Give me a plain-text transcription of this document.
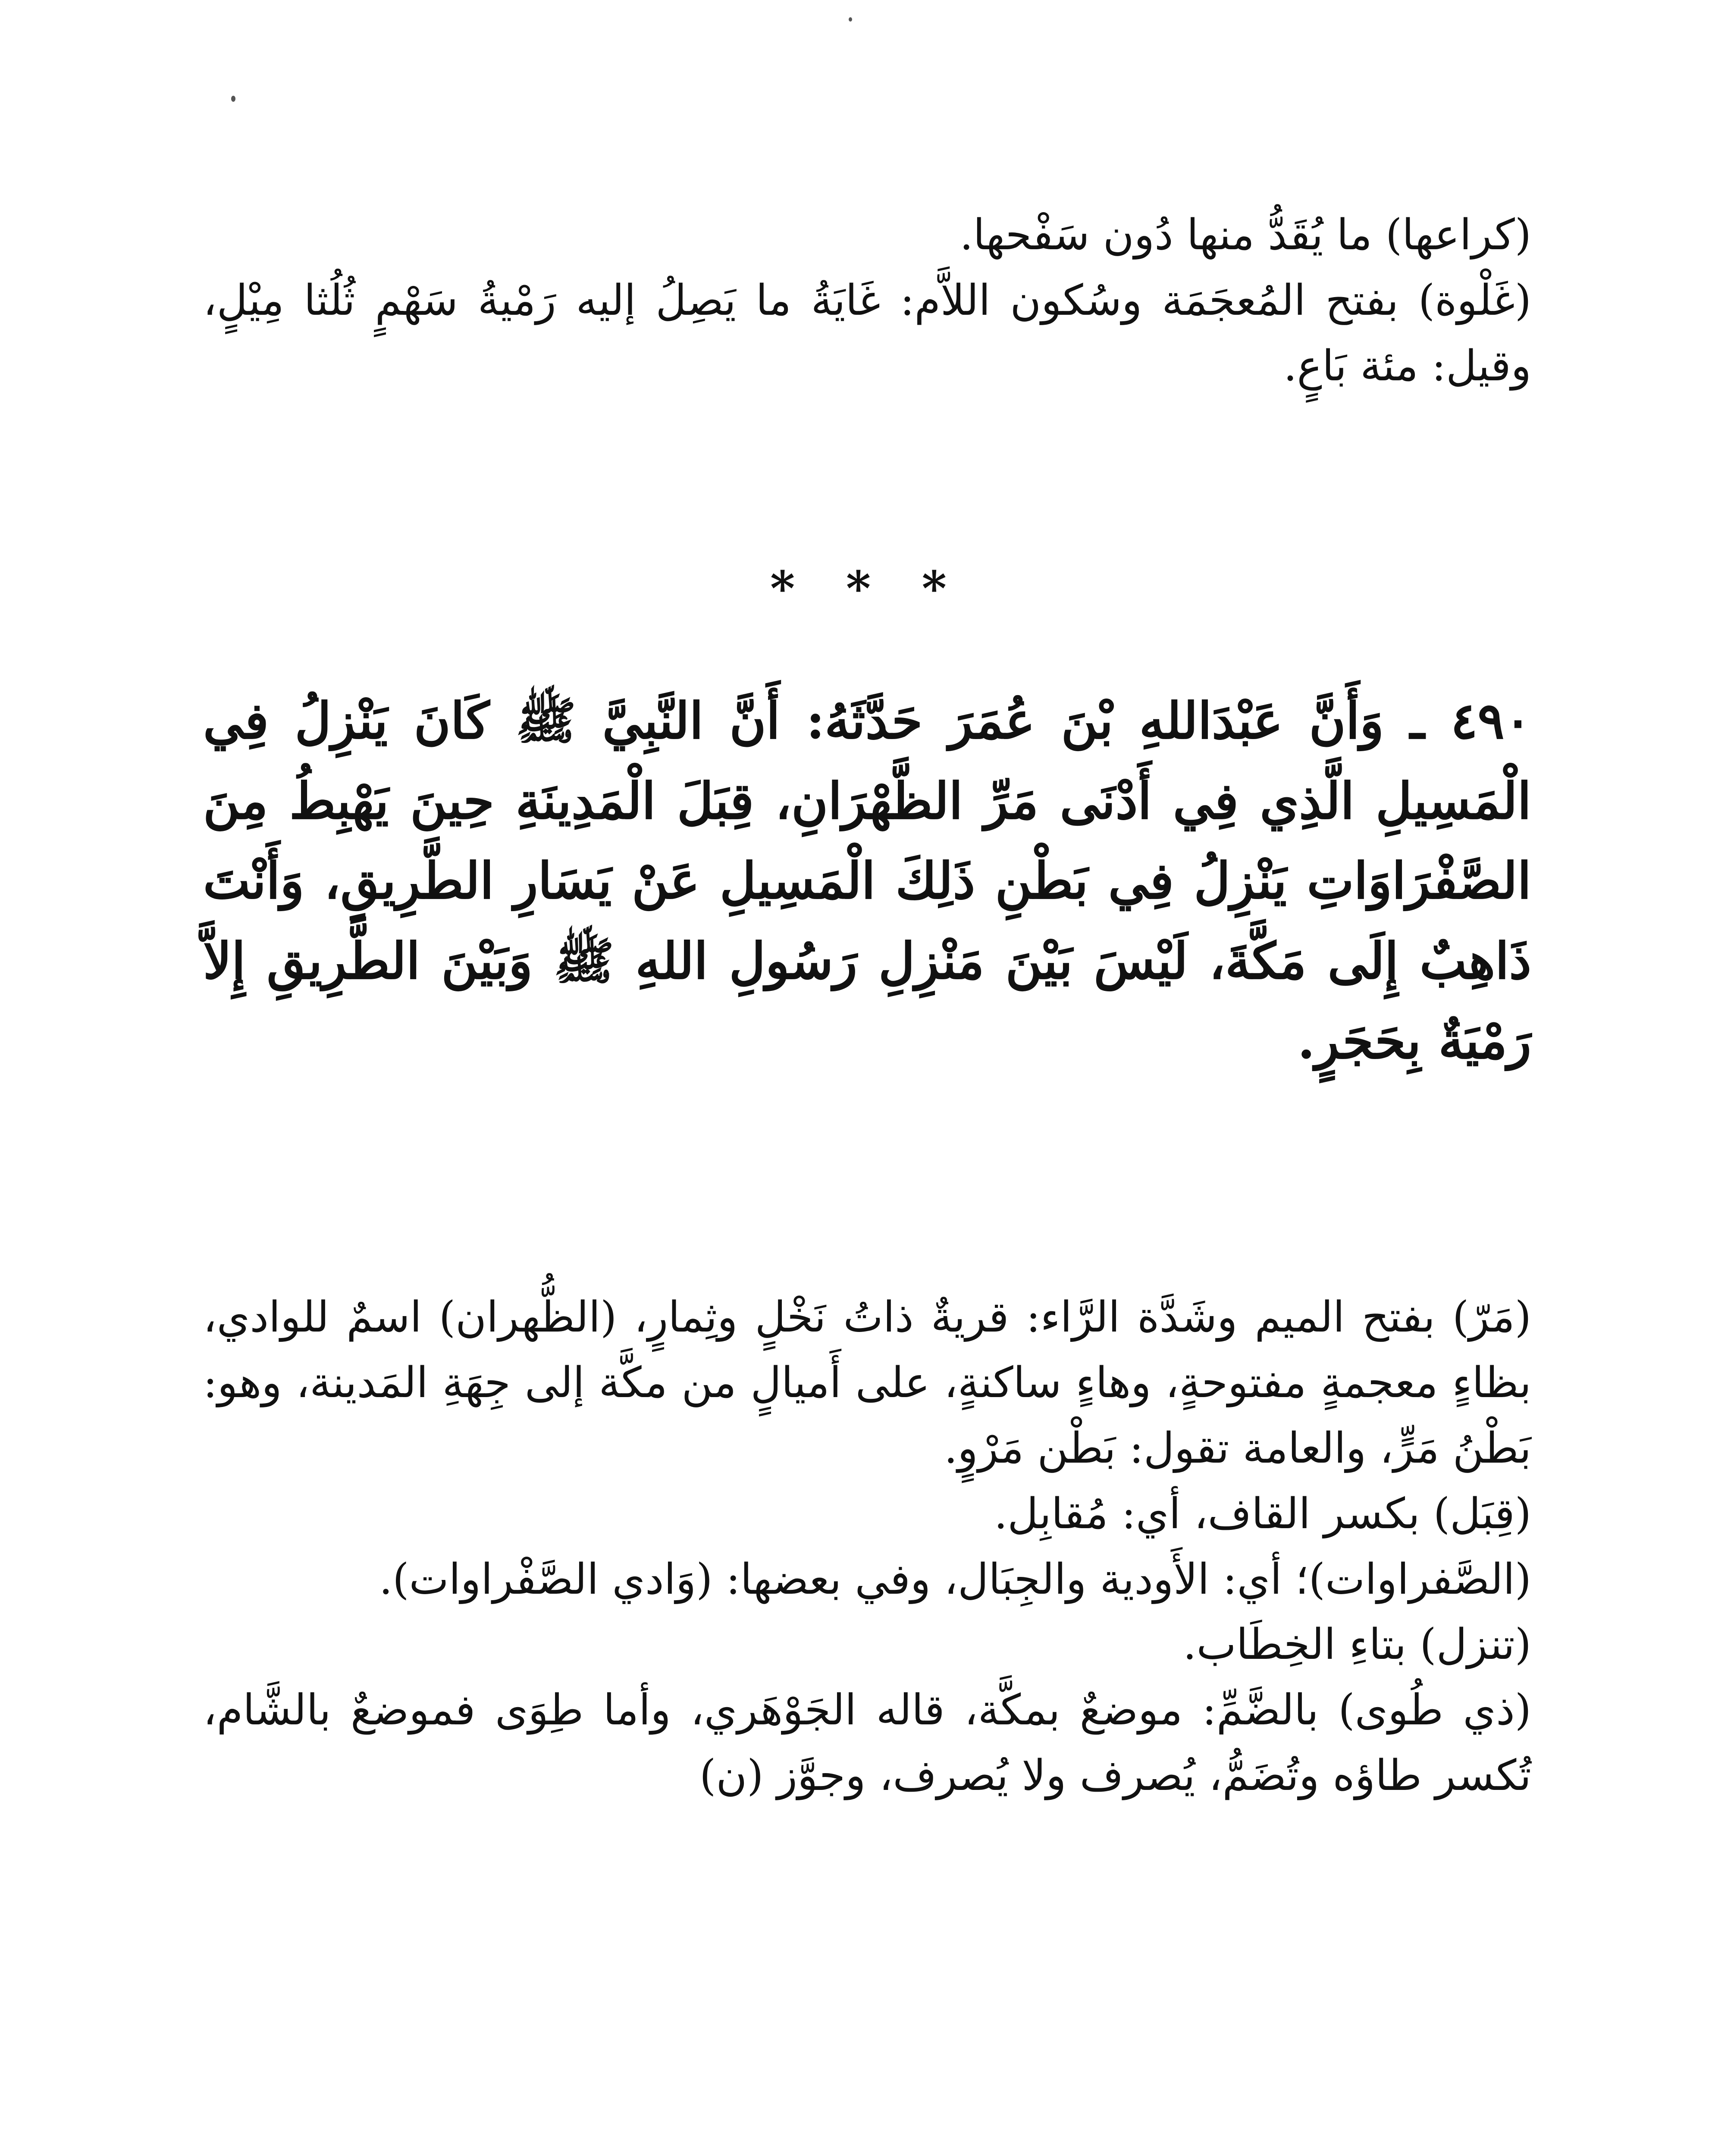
(كراعها) ما يُقَدُّ منها دُون سَفْحها.

(غَلْوة) بفتح المُعجَمَة وسُكون اللاَّم: غَايَةُ ما يَصِلُ إليه رَمْيةُ سَهْمٍ ثُلُثا مِيْلٍ، وقيل: مئة بَاعٍ.

* * *

٤٩٠ ـ وَأَنَّ عَبْدَاللهِ بْنَ عُمَرَ حَدَّثَهُ: أَنَّ النَّبِيَّ ﷺ كَانَ يَنْزِلُ فِي الْمَسِيلِ الَّذِي فِي أَدْنَى مَرِّ الظَّهْرَانِ، قِبَلَ الْمَدِينَةِ حِينَ يَهْبِطُ مِنَ الصَّفْرَاوَاتِ يَنْزِلُ فِي بَطْنِ ذَلِكَ الْمَسِيلِ عَنْ يَسَارِ الطَّرِيقِ، وَأَنْتَ ذَاهِبٌ إِلَى مَكَّةَ، لَيْسَ بَيْنَ مَنْزِلِ رَسُولِ اللهِ ﷺ وَبَيْنَ الطَّرِيقِ إِلاَّ رَمْيَةٌ بِحَجَرٍ.

(مَرّ) بفتح الميم وشَدَّة الرَّاء: قريةٌ ذاتُ نَخْلٍ وثِمارٍ، (الظُّهران) اسمٌ للوادي، بظاءٍ معجمةٍ مفتوحةٍ، وهاءٍ ساكنةٍ، على أَميالٍ من مكَّة إلى جِهَةِ المَدينة، وهو: بَطْنُ مَرٍّ، والعامة تقول: بَطْن مَرْوٍ.

(قِبَل) بكسر القاف، أي: مُقابِل.

(الصَّفراوات)؛ أي: الأَودية والجِبَال، وفي بعضها: (وَادي الصَّفْراوات).

(تنزل) بتاءِ الخِطَاب.

(ذي طُوى) بالضَّمِّ: موضعٌ بمكَّة، قاله الجَوْهَري، وأما طِوَى فموضعٌ بالشَّام، تُكسر طاؤه وتُضَمُّ، يُصرف ولا يُصرف، وجوَّز (ن)
